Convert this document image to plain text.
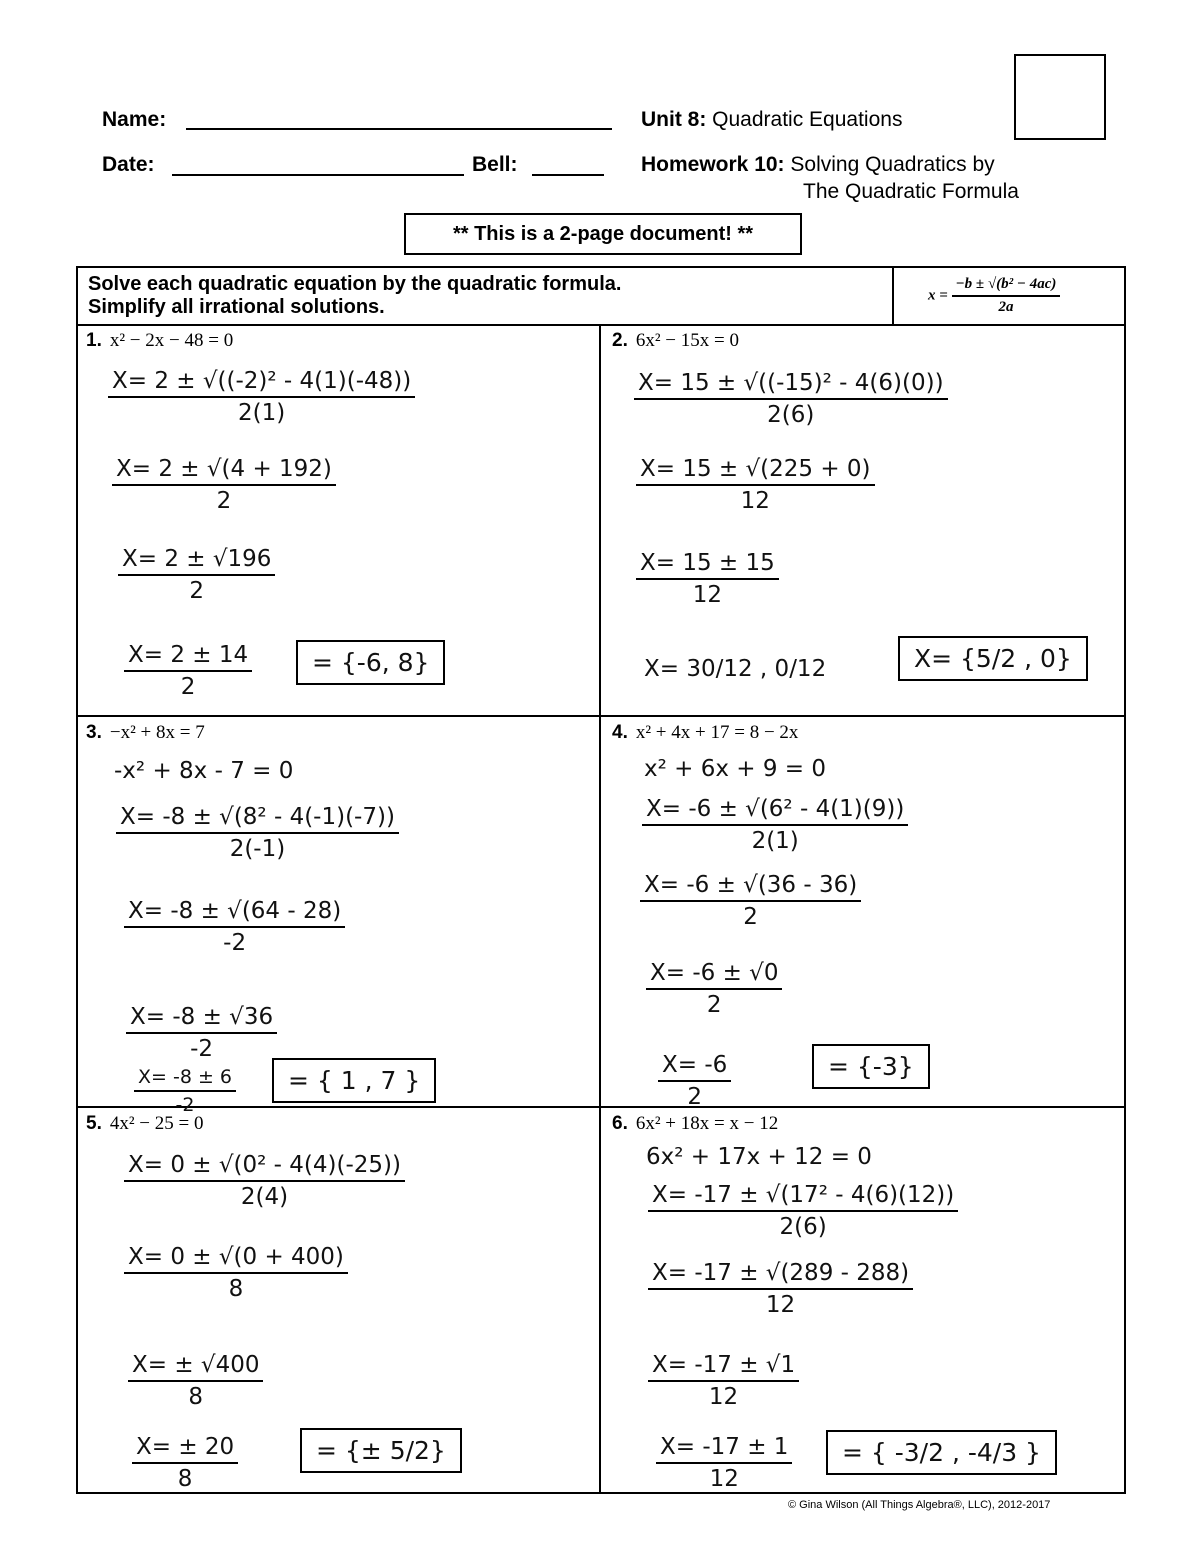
Name:
Date:	Bell:
Unit 8: Quadratic Equations
Homework 10: Solving Quadratics by
The Quadratic Formula
** This is a 2-page document! **
Solve each quadratic equation by the quadratic formula.
Simplify all irrational solutions.
$x = \frac{\text{−b ± √(b² − 4ac)}}{2a}$
1. x² − 2x − 48 = 0
$\frac{\text{X= 2 ± √((-2)² - 4(1)(-48))}}{2(1)}$
$\frac{X= 2 \pm √(4 + 192)}{2}$
$\frac{X= 2 \pm √196}{2}$
$\frac{X= 2 \pm 14}{2}$	= {-6, 8}
2. 6x² − 15x = 0
$\frac{\text{X= 15 ± √((-15)² - 4(6)(0))}}{2(6)}$
$\frac{X= 15 \pm √(225 + 0)}{12}$
$\frac{X= 15 \pm 15}{12}$
X= 30/12 , 0/12	X= {5/2 , 0}
3. −x² + 8x = 7
-x² + 8x - 7 = 0
$\frac{\text{X= -8 ± √(8² - 4(-1)(-7))}}{2(-1)}$
$\frac{X= -8 \pm √(64 - 28)}{-2}$
$\frac{X= -8 \pm √36}{-2}$
$\frac{X= -8 \pm 6}{-2}$	= { 1 , 7 }
4. x² + 4x + 17 = 8 − 2x
x² + 6x + 9 = 0
$\frac{\text{X= -6 ± √(6² - 4(1)(9))}}{2(1)}$
$\frac{X= -6 \pm √(36 - 36)}{2}$
$\frac{X= -6 \pm √0}{2}$
$\frac{X= -6}{2}$	= {-3}
5. 4x² − 25 = 0
$\frac{\text{X= 0 ± √(0² - 4(4)(-25))}}{2(4)}$
$\frac{X= 0 \pm √(0 + 400)}{8}$
$\frac{X= \pm √400}{8}$
$\frac{X= \pm 20}{8}$	= {± 5/2}
6. 6x² + 18x = x − 12
6x² + 17x + 12 = 0
$\frac{\text{X= -17 ± √(17² - 4(6)(12))}}{2(6)}$
$\frac{X= -17 \pm √(289 - 288)}{12}$
$\frac{X= -17 \pm √1}{12}$
$\frac{X= -17 \pm 1}{12}$	= { -3/2 , -4/3 }
© Gina Wilson (All Things Algebra®, LLC), 2012-2017
